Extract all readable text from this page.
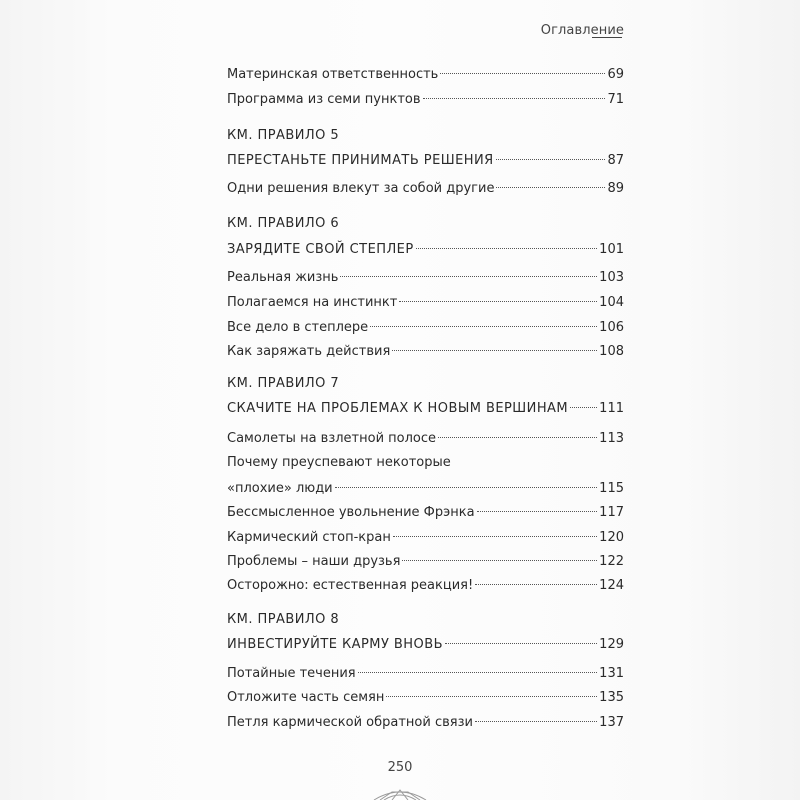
Оглавление
Материнская ответственность	69
Программа из семи пунктов	71
КМ. ПРАВИЛО 5
ПЕРЕСТАНЬТЕ ПРИНИМАТЬ РЕШЕНИЯ	87
Одни решения влекут за собой другие	89
КМ. ПРАВИЛО 6
ЗАРЯДИТЕ СВОЙ СТЕПЛЕР	101
Реальная жизнь	103
Полагаемся на инстинкт	104
Все дело в степлере	106
Как заряжать действия	108
КМ. ПРАВИЛО 7
СКАЧИТЕ НА ПРОБЛЕМАХ К НОВЫМ ВЕРШИНАМ 111
Самолеты на взлетной полосе	113
Почему преуспевают некоторые
«плохие» люди	115
Бессмысленное увольнение Фрэнка	117
Кармический стоп-кран	120
Проблемы – наши друзья	122
Осторожно: естественная реакция!	124
КМ. ПРАВИЛО 8
ИНВЕСТИРУЙТЕ КАРМУ ВНОВЬ	129
Потайные течения	131
Отложите часть семян	135
Петля кармической обратной связи	137
250
